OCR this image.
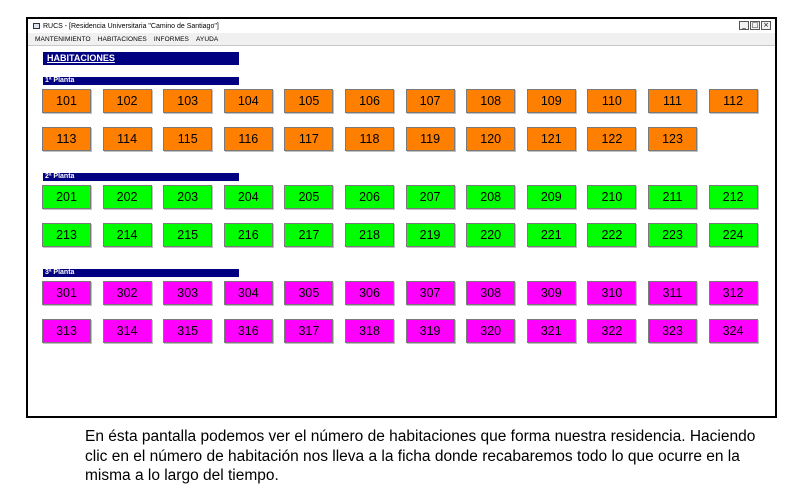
RUCS - [Residencia Universitaria "Camino de Santiago"]	_ □ ×
MANTENIMIENTO HABITACIONES INFORMES AYUDA
HABITACIONES
1ª Planta
101	102	103	104	105	106	107	108	109	110	111	112
113	114	115	116	117	118	119	120	121	122	123
2ª Planta
201	202	203	204	205	206	207	208	209	210	211	212
213	214	215	216	217	218	219	220	221	222	223	224
3ª Planta
301	302	303	304	305	306	307	308	309	310	311	312
313	314	315	316	317	318	319	320	321	322	323	324
En ésta pantalla podemos ver el número de habitaciones que forma nuestra residencia. Haciendo clic en el número de habitación nos lleva a la ficha donde recabaremos todo lo que ocurre en la misma a lo largo del tiempo.
